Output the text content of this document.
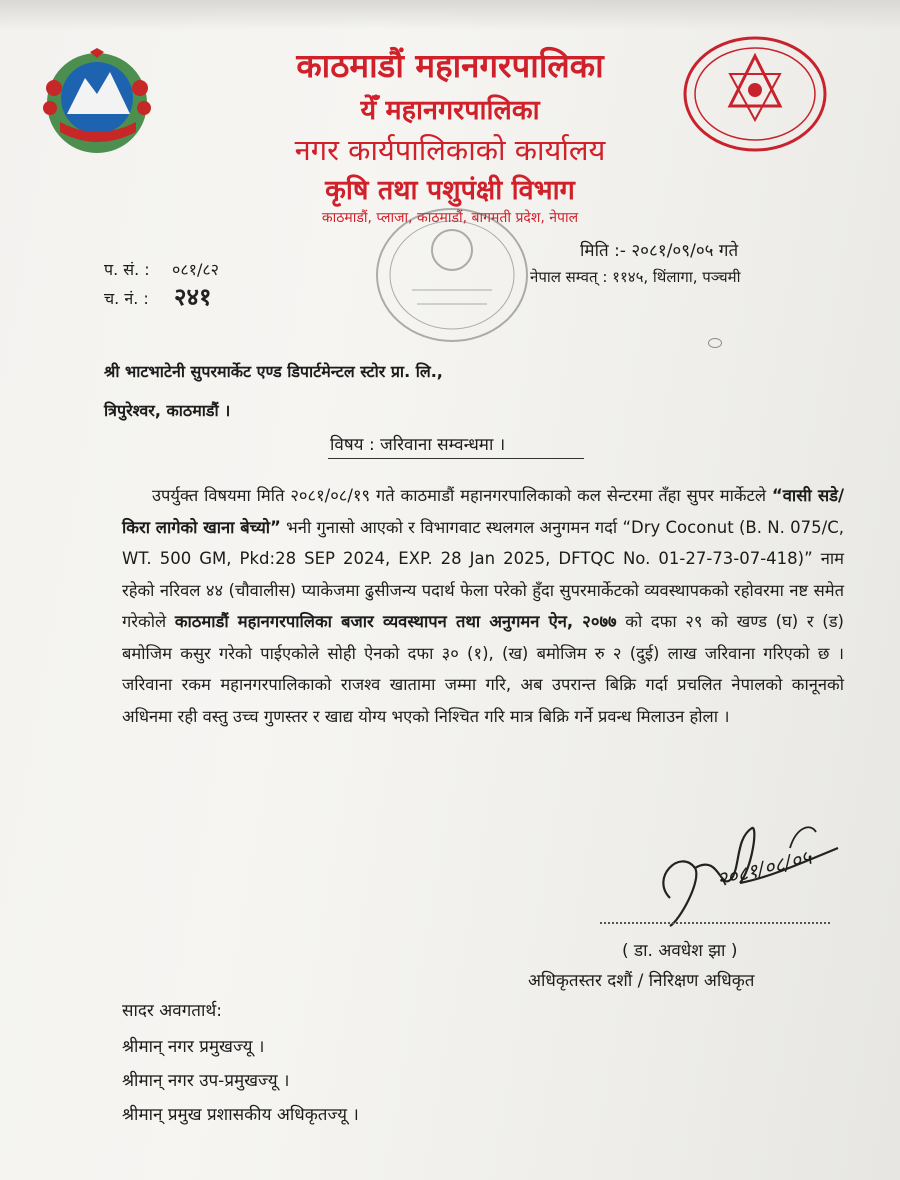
काठमाडौं महानगरपालिका
येँ महानगरपालिका
नगर कार्यपालिकाको कार्यालय
कृषि तथा पशुपंक्षी विभाग
काठमाडौं, प्लाजा, काठमाडौं, बागमती प्रदेश, नेपाल
प. सं. : ०८१/८२
च. नं. : २४१
मिति :- २०८१/०९/०५ गते
नेपाल सम्वत् : ११४५, थिंलागा, पञ्चमी
श्री भाटभाटेनी सुपरमार्केट एण्ड डिपार्टमेन्टल स्टोर प्रा. लि.,
त्रिपुरेश्वर, काठमाडौं ।
विषय : जरिवाना सम्वन्धमा ।
उपर्युक्त विषयमा मिति २०८१/०८/१९ गते काठमाडौं महानगरपालिकाको कल सेन्टरमा तँहा सुपर मार्केटले “वासी सडे/किरा लागेको खाना बेच्यो” भनी गुनासो आएको र विभागवाट स्थलगल अनुगमन गर्दा “Dry Coconut (B. N. 075/C, WT. 500 GM, Pkd:28 SEP 2024, EXP. 28 Jan 2025, DFTQC No. 01-27-73-07-418)” नाम रहेको नरिवल ४४ (चौवालीस) प्याकेजमा ढुसीजन्य पदार्थ फेला परेको हुँदा सुपरमार्केटको व्यवस्थापकको रहोवरमा नष्ट समेत गरेकोले काठमाडौं महानगरपालिका बजार व्यवस्थापन तथा अनुगमन ऐन, २०७७ को दफा २९ को खण्ड (घ) र (ड) बमोजिम कसुर गरेको पाईएकोले सोही ऐनको दफा ३० (१), (ख) बमोजिम रु २ (दुई) लाख जरिवाना गरिएको छ । जरिवाना रकम महानगरपालिकाको राजश्व खातामा जम्मा गरि, अब उपरान्त बिक्रि गर्दा प्रचलित नेपालको कानूनको अधिनमा रही वस्तु उच्च गुणस्तर र खाद्य योग्य भएको निश्चित गरि मात्र बिक्रि गर्ने प्रवन्ध मिलाउन होला ।
२०८१/०८/०५
( डा. अवधेश झा )
अधिकृतस्तर दशौं / निरिक्षण अधिकृत
सादर अवगतार्थ:
श्रीमान् नगर प्रमुखज्यू ।
श्रीमान् नगर उप-प्रमुखज्यू ।
श्रीमान् प्रमुख प्रशासकीय अधिकृतज्यू ।
